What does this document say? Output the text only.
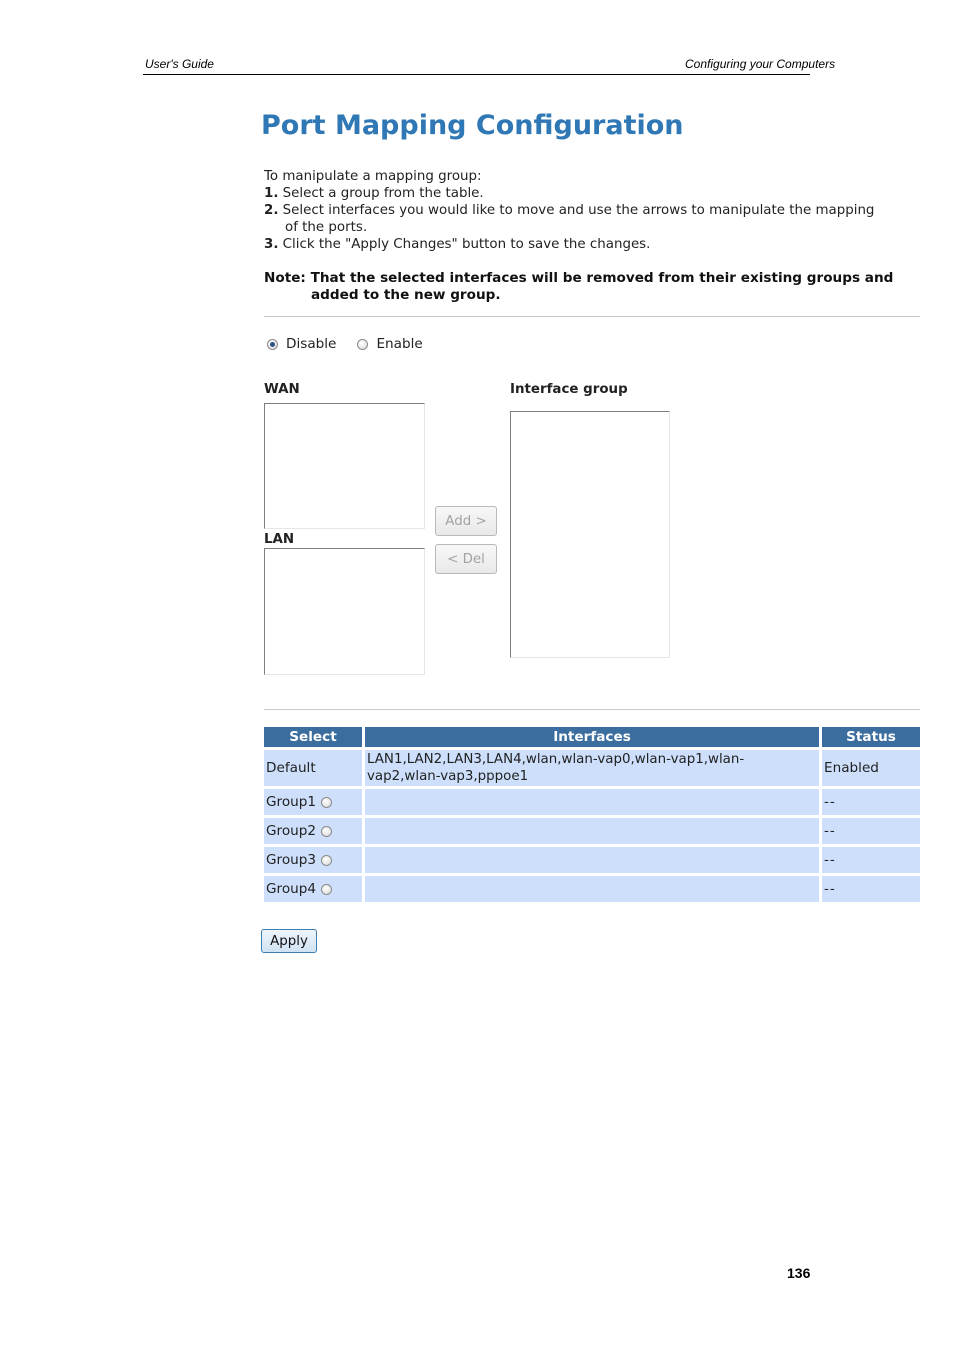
User's Guide	Configuring your Computers
Port Mapping Configuration
To manipulate a mapping group:
1. Select a group from the table.
2. Select interfaces you would like to move and use the arrows to manipulate the mapping
of the ports.
3. Click the "Apply Changes" button to save the changes.
Note: That the selected interfaces will be removed from their existing groups and
added to the new group.
Disable	Enable
WAN
LAN
Interface group
Add >
< Del
Select	Interfaces	Status
Default	LAN1,LAN2,LAN3,LAN4,wlan,wlan-vap0,wlan-vap1,wlan-
vap2,wlan-vap3,pppoe1	Enabled

Group1		--

Group2		--

Group3		--

Group4		--
Apply
136
